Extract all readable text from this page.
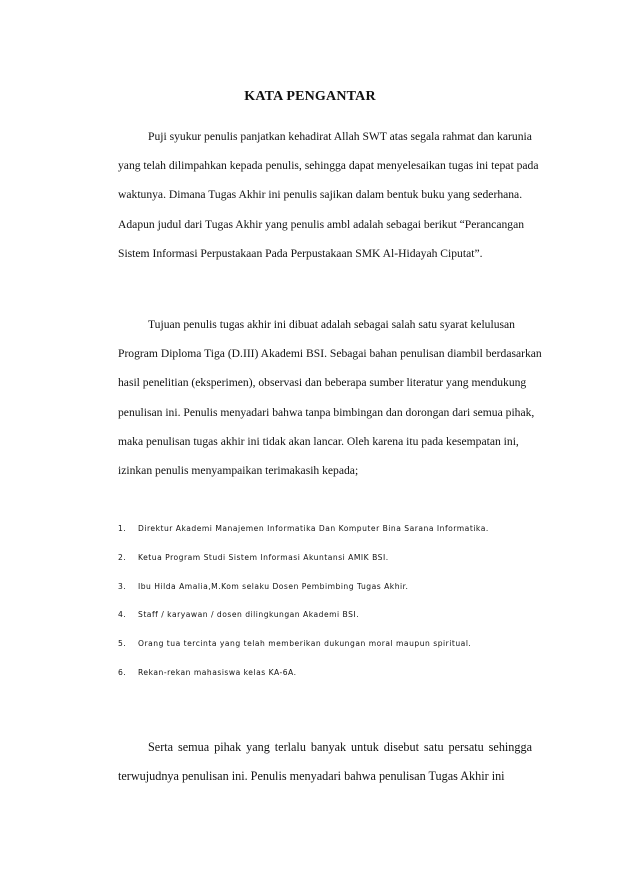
KATA PENGANTAR

Puji syukur penulis panjatkan kehadirat Allah SWT atas segala rahmat dan karunia yang telah dilimpahkan kepada penulis, sehingga dapat menyelesaikan tugas ini tepat pada waktunya. Dimana Tugas Akhir ini penulis sajikan dalam bentuk buku yang sederhana. Adapun judul dari Tugas Akhir yang penulis ambl adalah sebagai berikut “Perancangan Sistem Informasi Perpustakaan Pada Perpustakaan SMK Al-Hidayah Ciputat”.

Tujuan penulis tugas akhir ini dibuat adalah sebagai salah satu syarat kelulusan Program Diploma Tiga (D.III) Akademi BSI. Sebagai bahan penulisan diambil berdasarkan hasil penelitian (eksperimen), observasi dan beberapa sumber literatur yang mendukung penulisan ini. Penulis menyadari bahwa tanpa bimbingan dan dorongan dari semua pihak, maka penulisan tugas akhir ini tidak akan lancar. Oleh karena itu pada kesempatan ini, izinkan penulis menyampaikan terimakasih kepada;

1.	Direktur Akademi Manajemen Informatika Dan Komputer Bina Sarana Informatika.
2.	Ketua Program Studi Sistem Informasi Akuntansi AMIK BSI.
3.	Ibu Hilda Amalia,M.Kom selaku Dosen Pembimbing Tugas Akhir.
4.	Staff / karyawan / dosen dilingkungan Akademi BSI.
5.	Orang tua tercinta yang telah memberikan dukungan moral maupun spiritual.
6.	Rekan-rekan mahasiswa kelas KA-6A.

Serta semua pihak yang terlalu banyak untuk disebut satu persatu sehingga terwujudnya penulisan ini. Penulis menyadari bahwa penulisan Tugas Akhir ini
